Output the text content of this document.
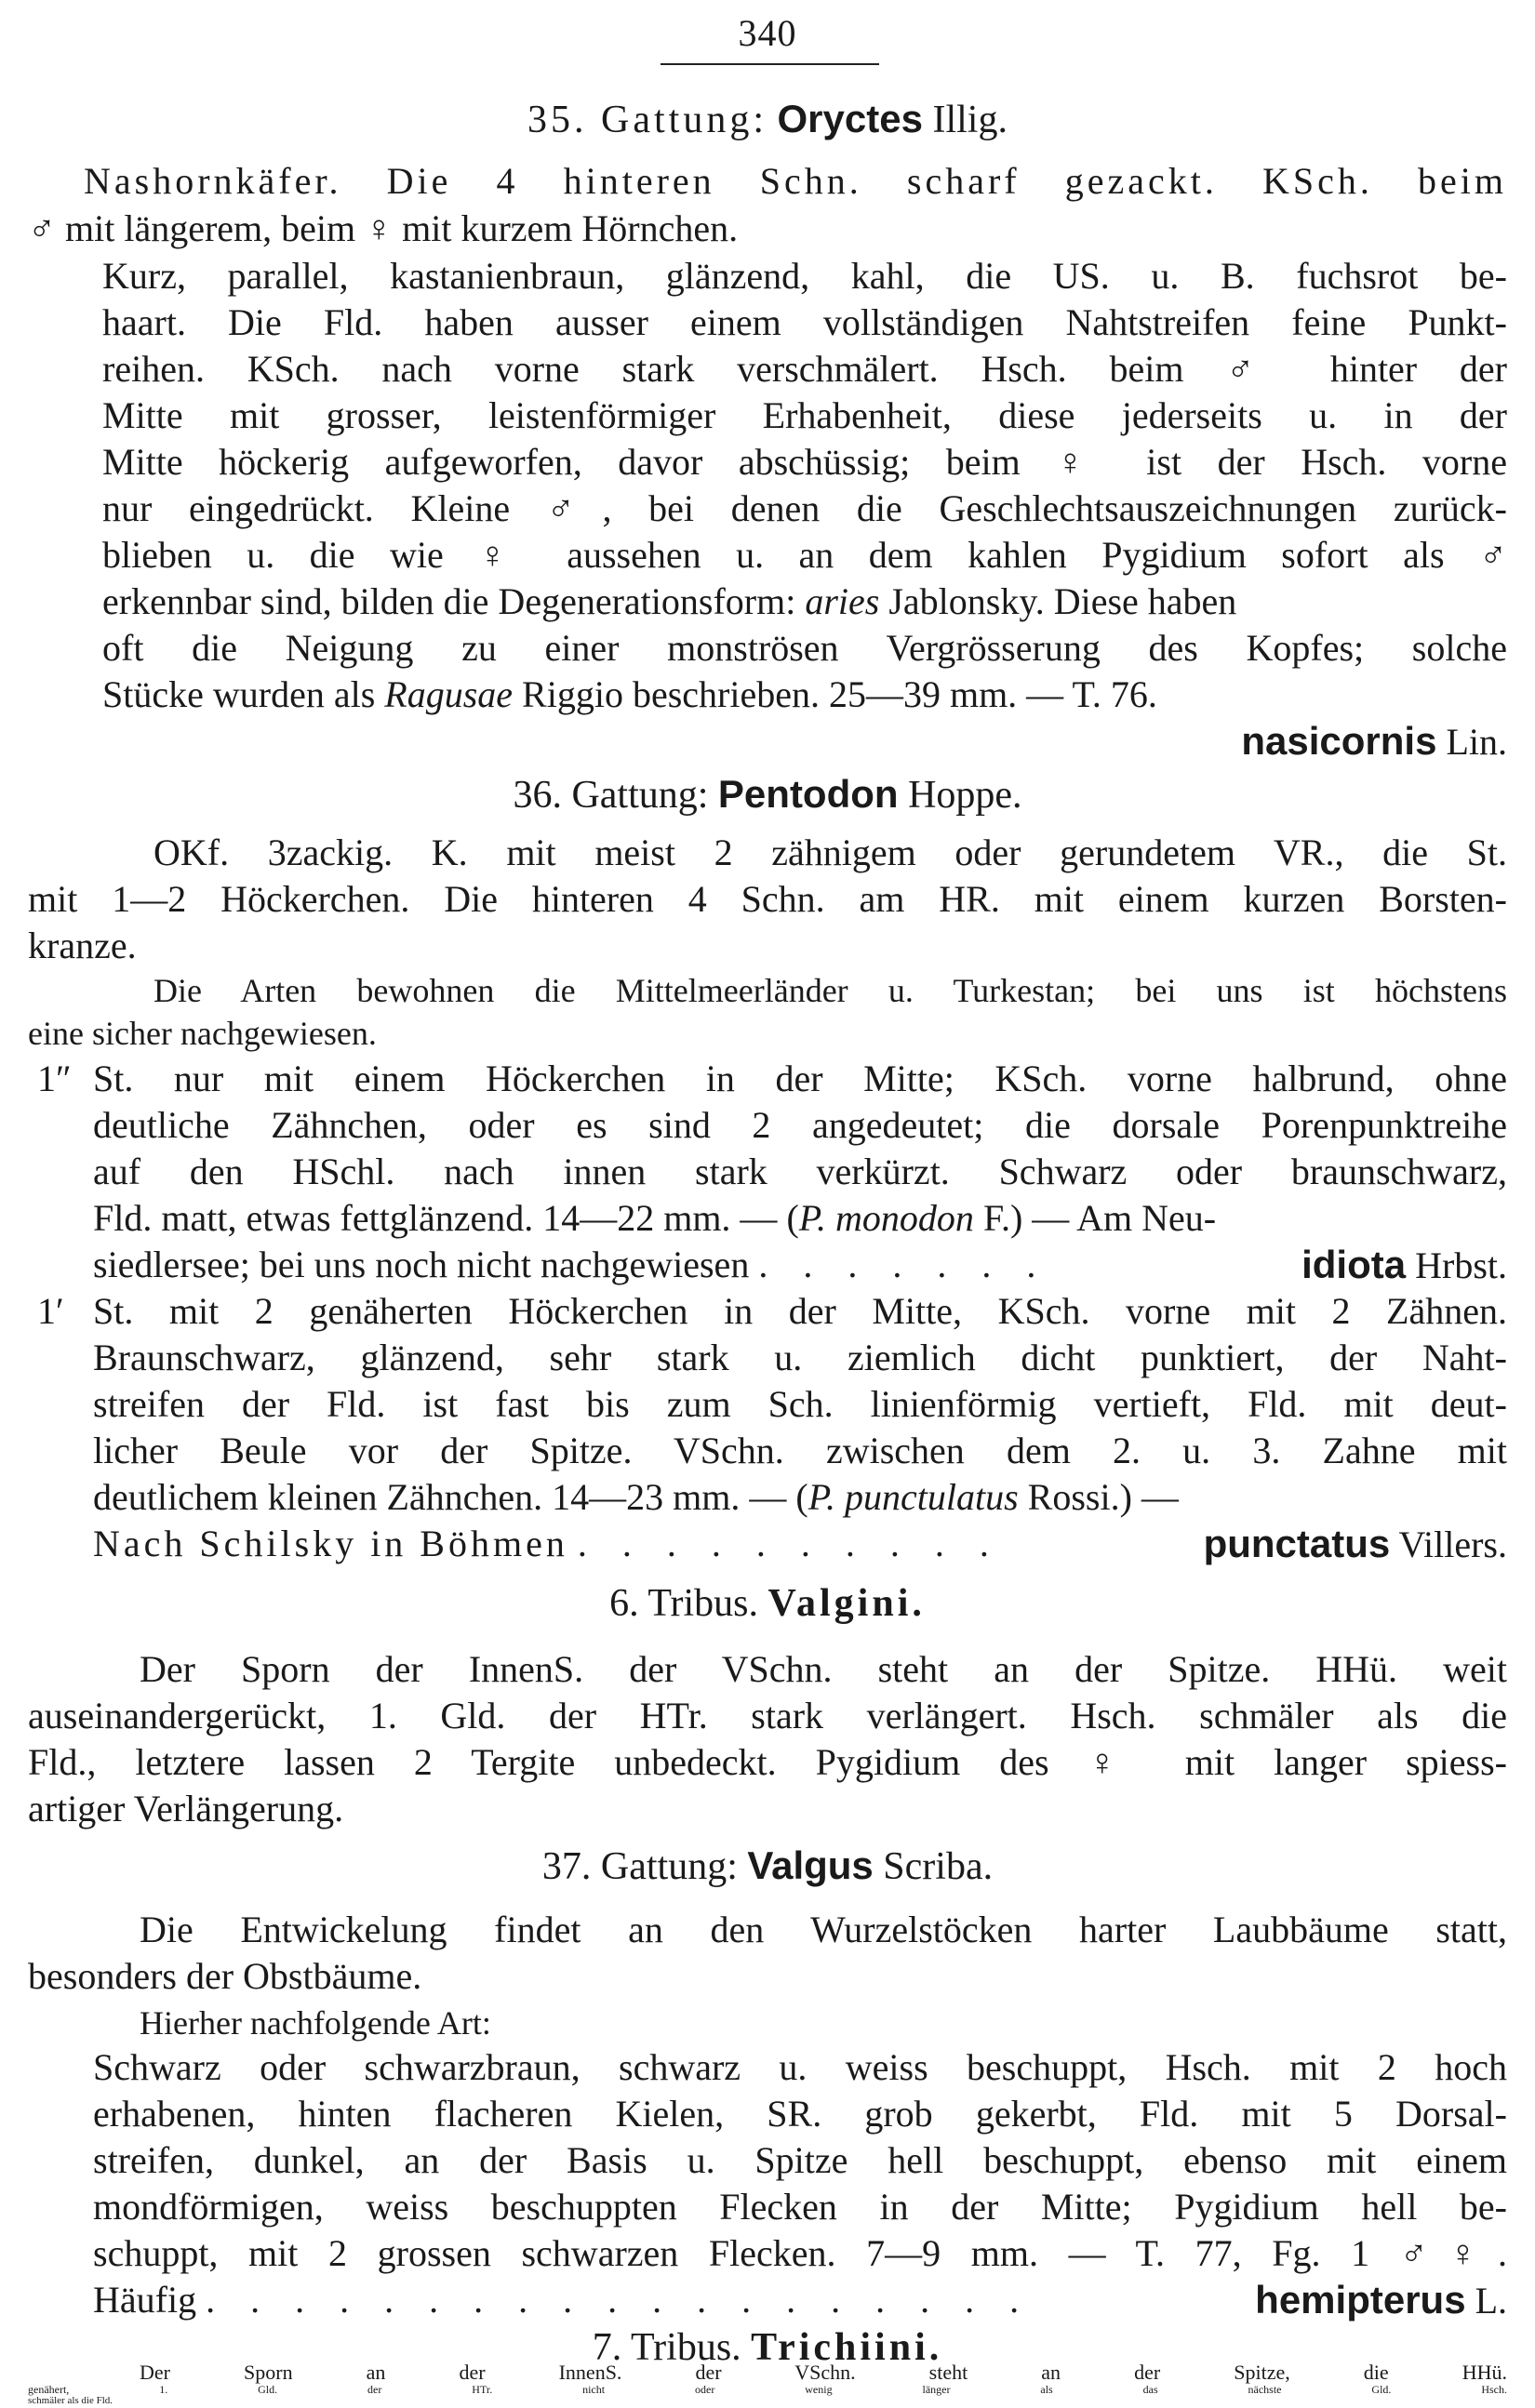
340
35. Gattung: Oryctes Illig.
Nashornkäfer. Die 4 hinteren Schn. scharf gezackt. KSch. beim
♂ mit längerem, beim ♀ mit kurzem Hörnchen.
Kurz, parallel, kastanienbraun, glänzend, kahl, die US. u. B. fuchsrot be-
haart. Die Fld. haben ausser einem vollständigen Nahtstreifen feine Punkt-
reihen. KSch. nach vorne stark verschmälert. Hsch. beim ♂ hinter der
Mitte mit grosser, leistenförmiger Erhabenheit, diese jederseits u. in der
Mitte höckerig aufgeworfen, davor abschüssig; beim ♀ ist der Hsch. vorne
nur eingedrückt. Kleine ♂, bei denen die Geschlechtsauszeichnungen zurück-
blieben u. die wie ♀ aussehen u. an dem kahlen Pygidium sofort als ♂
erkennbar sind, bilden die Degenerationsform: aries Jablonsky. Diese haben
oft die Neigung zu einer monströsen Vergrösserung des Kopfes; solche
Stücke wurden als Ragusae Riggio beschrieben. 25—39 mm. — T. 76.
nasicornis Lin.
36. Gattung: Pentodon Hoppe.
OKf. 3zackig. K. mit meist 2 zähnigem oder gerundetem VR., die St.
mit 1—2 Höckerchen. Die hinteren 4 Schn. am HR. mit einem kurzen Borsten-
kranze.
Die Arten bewohnen die Mittelmeerländer u. Turkestan; bei uns ist höchstens
eine sicher nachgewiesen.
1″ St. nur mit einem Höckerchen in der Mitte; KSch. vorne halbrund, ohne
deutliche Zähnchen, oder es sind 2 angedeutet; die dorsale Porenpunktreihe
auf den HSchl. nach innen stark verkürzt. Schwarz oder braunschwarz,
Fld. matt, etwas fettglänzend. 14—22 mm. — (P. monodon F.) — Am Neu-
siedlersee; bei uns noch nicht nachgewiesen . . . . . . .	idiota Hrbst.
1′ St. mit 2 genäherten Höckerchen in der Mitte, KSch. vorne mit 2 Zähnen.
Braunschwarz, glänzend, sehr stark u. ziemlich dicht punktiert, der Naht-
streifen der Fld. ist fast bis zum Sch. linienförmig vertieft, Fld. mit deut-
licher Beule vor der Spitze. VSchn. zwischen dem 2. u. 3. Zahne mit
deutlichem kleinen Zähnchen. 14—23 mm. — (P. punctulatus Rossi.) —
Nach Schilsky in Böhmen . . . . . . . . . .	punctatus Villers.
6. Tribus. Valgini.
Der Sporn der InnenS. der VSchn. steht an der Spitze. HHü. weit
auseinandergerückt, 1. Gld. der HTr. stark verlängert. Hsch. schmäler als die
Fld., letztere lassen 2 Tergite unbedeckt. Pygidium des ♀ mit langer spiess-
artiger Verlängerung.
37. Gattung: Valgus Scriba.
Die Entwickelung findet an den Wurzelstöcken harter Laubbäume statt,
besonders der Obstbäume.
Hierher nachfolgende Art:
Schwarz oder schwarzbraun, schwarz u. weiss beschuppt, Hsch. mit 2 hoch
erhabenen, hinten flacheren Kielen, SR. grob gekerbt, Fld. mit 5 Dorsal-
streifen, dunkel, an der Basis u. Spitze hell beschuppt, ebenso mit einem
mondförmigen, weiss beschuppten Flecken in der Mitte; Pygidium hell be-
schuppt, mit 2 grossen schwarzen Flecken. 7—9 mm. — T. 77, Fg. 1 ♂♀.
Häufig . . . . . . . . . . . . . . . . . . .	hemipterus L.
7. Tribus. Trichiini.
Der Sporn an der InnenS. der VSchn. steht an der Spitze, die HHü.
genähert, 1. Gld. der HTr. nicht oder wenig länger als das nächste Gld. Hsch.
schmäler als die Fld.
